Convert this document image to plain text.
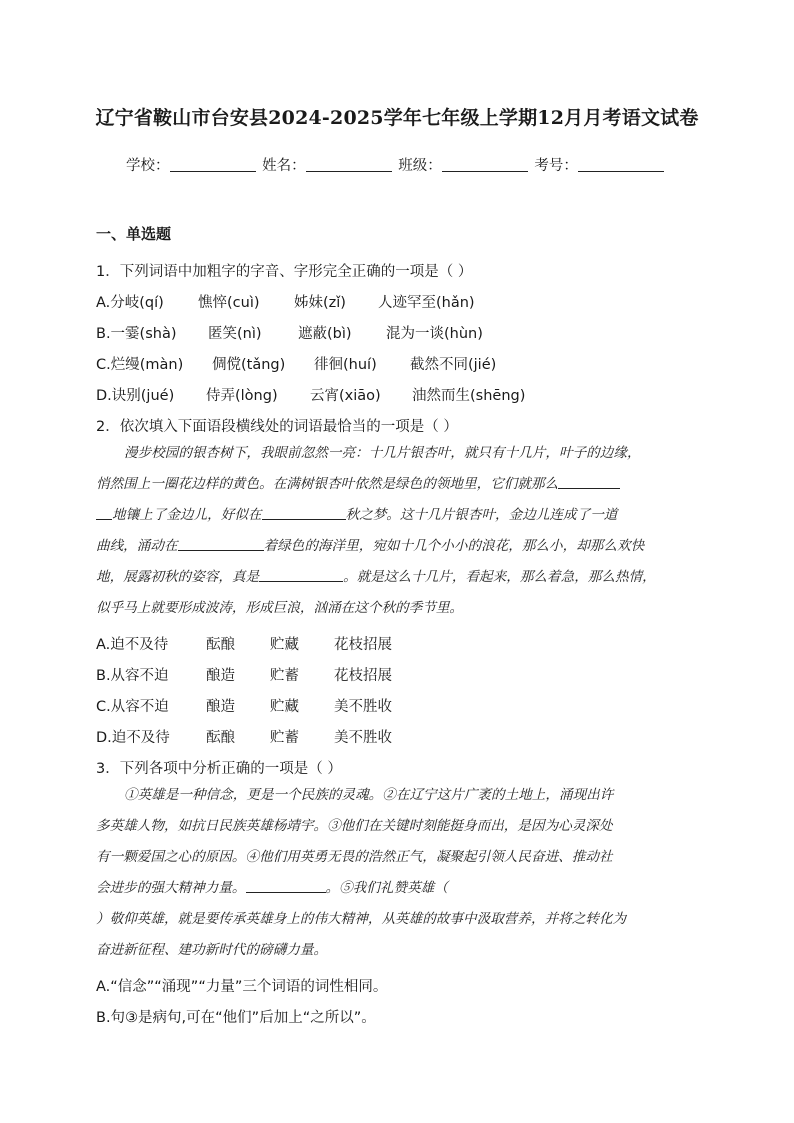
辽宁省鞍山市台安县2024-2025学年七年级上学期12月月考语文试卷
学校：	姓名：	班级：	考号：
一、单选题
1．下列词语中加粗字的字音、字形完全正确的一项是（ ）
A.分岐(qí) 憔悴(cuì) 姊妹(zǐ) 人迹罕至(hǎn)
B.一霎(shà) 匿笑(nì)	遮蔽(bì) 混为一谈(hùn)
C.烂缦(màn) 倜傥(tǎng) 徘徊(huí) 截然不同(jié)
D.诀别(jué) 侍弄(lòng) 云宵(xiāo) 油然而生(shēng)
2．依次填入下面语段横线处的词语最恰当的一项是（ ）
漫步校园的银杏树下，我眼前忽然一亮：十几片银杏叶，就只有十几片，叶子的边缘，
悄然围上一圈花边样的黄色。在满树银杏叶依然是绿色的领地里，它们就那么
地镶上了金边儿，好似在	秋之梦。这十几片银杏叶，金边儿连成了一道
曲线，涌动在	着绿色的海洋里，宛如十几个小小的浪花，那么小，却那么欢快
地，展露初秋的姿容，真是	。就是这么十几片，看起来，那么着急，那么热情，
似乎马上就要形成波涛，形成巨浪，汹涌在这个秋的季节里。
A.迫不及待	酝酿 贮藏 花枝招展
B.从容不迫	酿造 贮蓄 花枝招展
C.从容不迫	酿造 贮藏 美不胜收
D.迫不及待 酝酿 贮蓄 美不胜收
3．下列各项中分析正确的一项是（ ）
①英雄是一种信念，更是一个民族的灵魂。②在辽宁这片广袤的土地上，涌现出许
多英雄人物，如抗日民族英雄杨靖宇。③他们在关键时刻能挺身而出，是因为心灵深处
有一颗爱国之心的原因。④他们用英勇无畏的浩然正气，凝聚起引领人民奋进、推动社
会进步的强大精神力量。	。⑤我们礼赞英雄（
）敬仰英雄，就是要传承英雄身上的伟大精神，从英雄的故事中汲取营养，并将之转化为
奋进新征程、建功新时代的磅礴力量。
A.“信念”“涌现”“力量”三个词语的词性相同。
B.句③是病句,可在“他们”后加上“之所以”。
